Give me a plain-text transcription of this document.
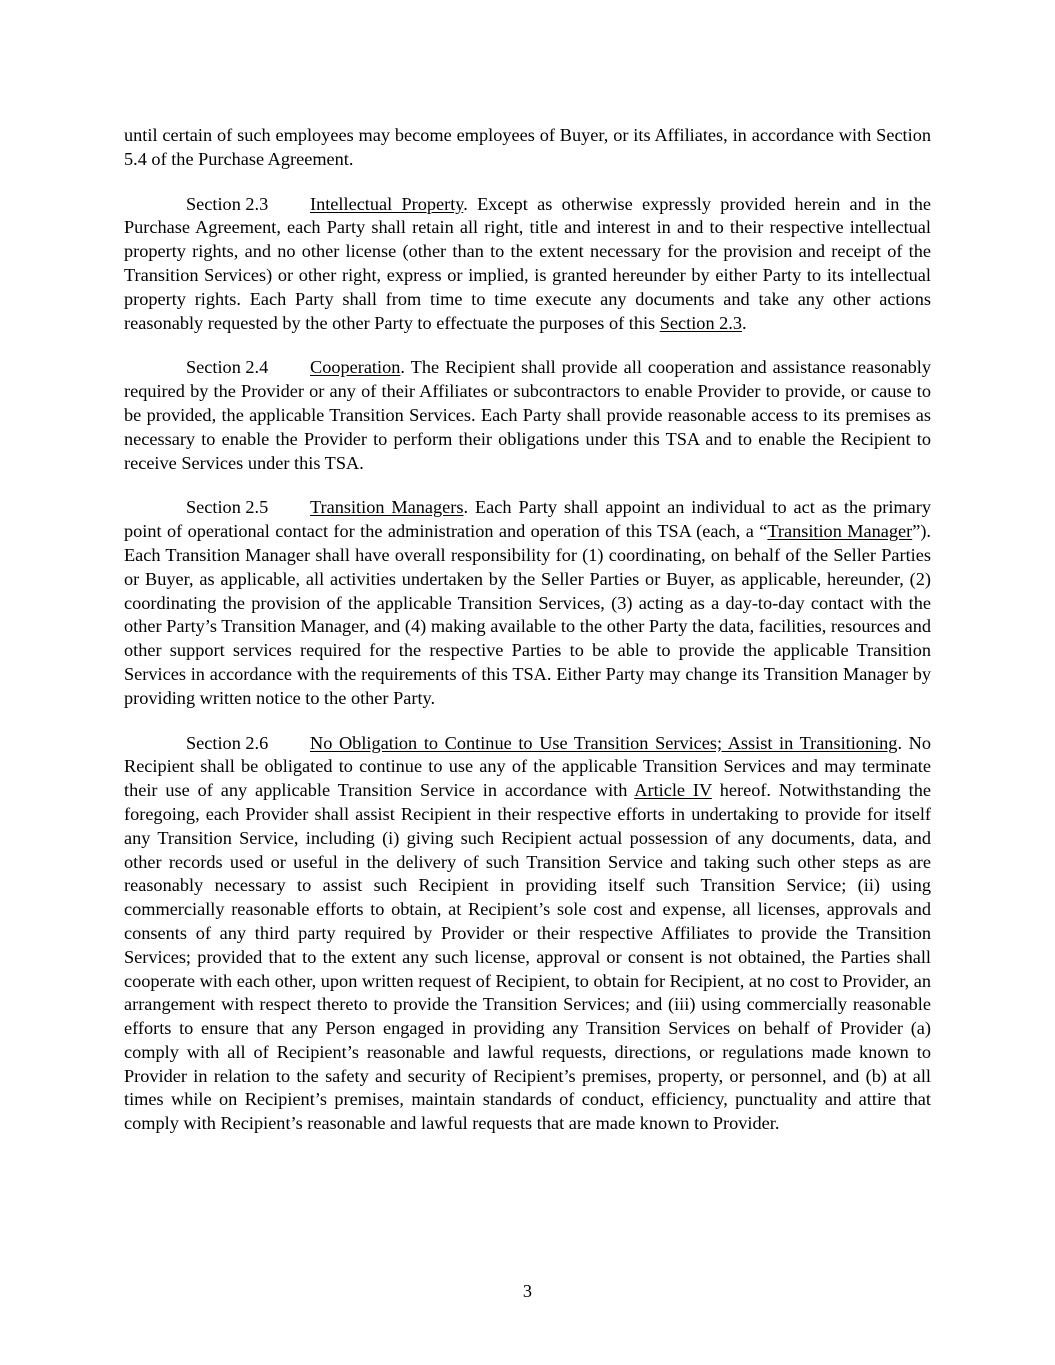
until certain of such employees may become employees of Buyer, or its Affiliates, in accordance with Section 5.4 of the Purchase Agreement.

Section 2.3 Intellectual Property. Except as otherwise expressly provided herein and in the Purchase Agreement, each Party shall retain all right, title and interest in and to their respective intellectual property rights, and no other license (other than to the extent necessary for the provision and receipt of the Transition Services) or other right, express or implied, is granted hereunder by either Party to its intellectual property rights. Each Party shall from time to time execute any documents and take any other actions reasonably requested by the other Party to effectuate the purposes of this Section 2.3.

Section 2.4 Cooperation. The Recipient shall provide all cooperation and assistance reasonably required by the Provider or any of their Affiliates or subcontractors to enable Provider to provide, or cause to be provided, the applicable Transition Services. Each Party shall provide reasonable access to its premises as necessary to enable the Provider to perform their obligations under this TSA and to enable the Recipient to receive Services under this TSA.

Section 2.5 Transition Managers. Each Party shall appoint an individual to act as the primary point of operational contact for the administration and operation of this TSA (each, a “Transition Manager”). Each Transition Manager shall have overall responsibility for (1) coordinating, on behalf of the Seller Parties or Buyer, as applicable, all activities undertaken by the Seller Parties or Buyer, as applicable, hereunder, (2) coordinating the provision of the applicable Transition Services, (3) acting as a day-to-day contact with the other Party’s Transition Manager, and (4) making available to the other Party the data, facilities, resources and other support services required for the respective Parties to be able to provide the applicable Transition Services in accordance with the requirements of this TSA. Either Party may change its Transition Manager by providing written notice to the other Party.

Section 2.6 No Obligation to Continue to Use Transition Services; Assist in Transitioning. No Recipient shall be obligated to continue to use any of the applicable Transition Services and may terminate their use of any applicable Transition Service in accordance with Article IV hereof. Notwithstanding the foregoing, each Provider shall assist Recipient in their respective efforts in undertaking to provide for itself any Transition Service, including (i) giving such Recipient actual possession of any documents, data, and other records used or useful in the delivery of such Transition Service and taking such other steps as are reasonably necessary to assist such Recipient in providing itself such Transition Service; (ii) using commercially reasonable efforts to obtain, at Recipient’s sole cost and expense, all licenses, approvals and consents of any third party required by Provider or their respective Affiliates to provide the Transition Services; provided that to the extent any such license, approval or consent is not obtained, the Parties shall cooperate with each other, upon written request of Recipient, to obtain for Recipient, at no cost to Provider, an arrangement with respect thereto to provide the Transition Services; and (iii) using commercially reasonable efforts to ensure that any Person engaged in providing any Transition Services on behalf of Provider (a) comply with all of Recipient’s reasonable and lawful requests, directions, or regulations made known to Provider in relation to the safety and security of Recipient’s premises, property, or personnel, and (b) at all times while on Recipient’s premises, maintain standards of conduct, efficiency, punctuality and attire that comply with Recipient’s reasonable and lawful requests that are made known to Provider.

3
